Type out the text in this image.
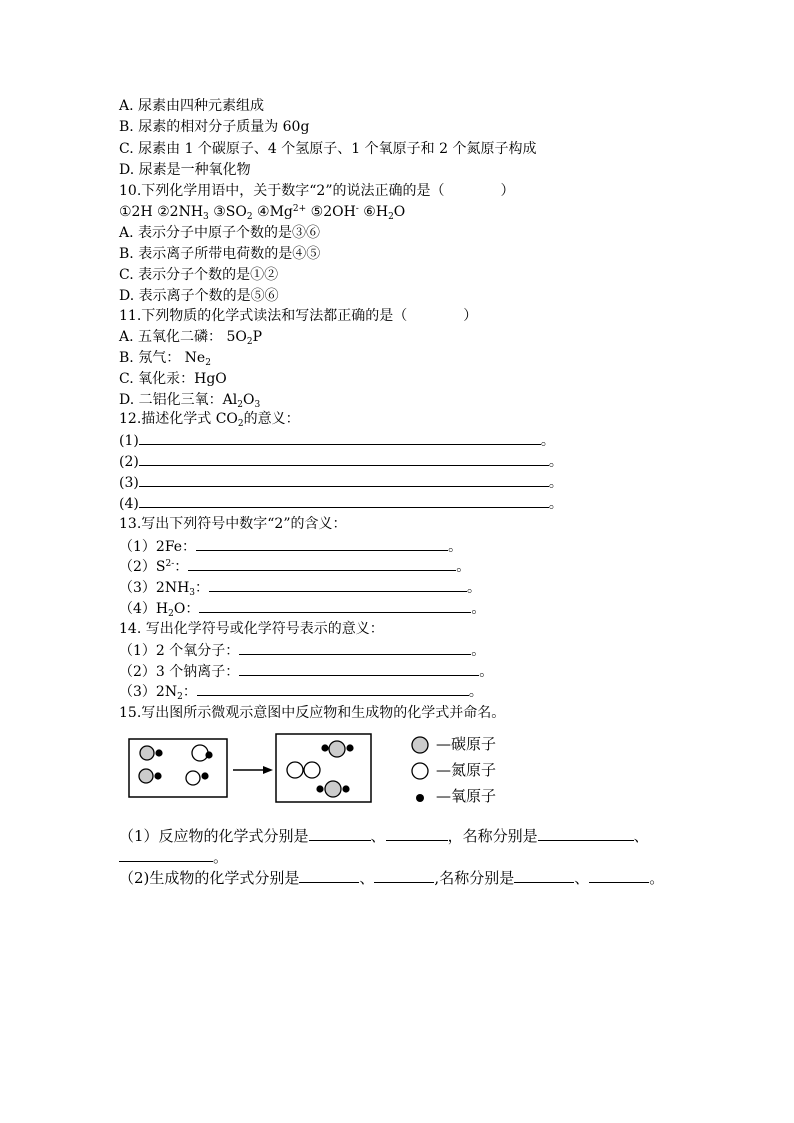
A. 尿素由四种元素组成
B. 尿素的相对分子质量为 60g
C. 尿素由 1 个碳原子、4 个氢原子、1 个氧原子和 2 个氮原子构成
D. 尿素是一种氧化物
10.下列化学用语中，关于数字“2”的说法正确的是（	）
①2H $②2NH_3$ $③SO_2$ $④Mg^{2+}$ ⑤2OH- $⑥H_2O$
A. 表示分子中原子个数的是③⑥
B. 表示离子所带电荷数的是④⑤
C. 表示分子个数的是①②
D. 表示离子个数的是⑤⑥
11.下列物质的化学式读法和写法都正确的是（	）
A. 五氧化二磷： $5O_2P$
B. 氖气： $Ne_2$
C. 氧化汞：HgO
D. 二铝化三氧：$Al_2O_3$
12.描述化学式 $CO_2$的意义：
(1)	。
(2)	。
(3)	。
(4)	。
13.写出下列符号中数字“2”的含义：
（1）2Fe：	。
$(2)S^{2-}$：	。
$(3)2NH_3$：	。
$(4)H_2O$：	。
14. 写出化学符号或化学符号表示的意义：
（1）2 个氧分子：	。
（2）3 个钠离子：	。
$(3)2N_2$：	。
15.写出图所示微观示意图中反应物和生成物的化学式并命名。
—碳原子
—氮原子
—氧原子
（1）反应物的化学式分别是	、	，名称分别是	、
。
（2)生成物的化学式分别是	、	,名称分别是	、	。
